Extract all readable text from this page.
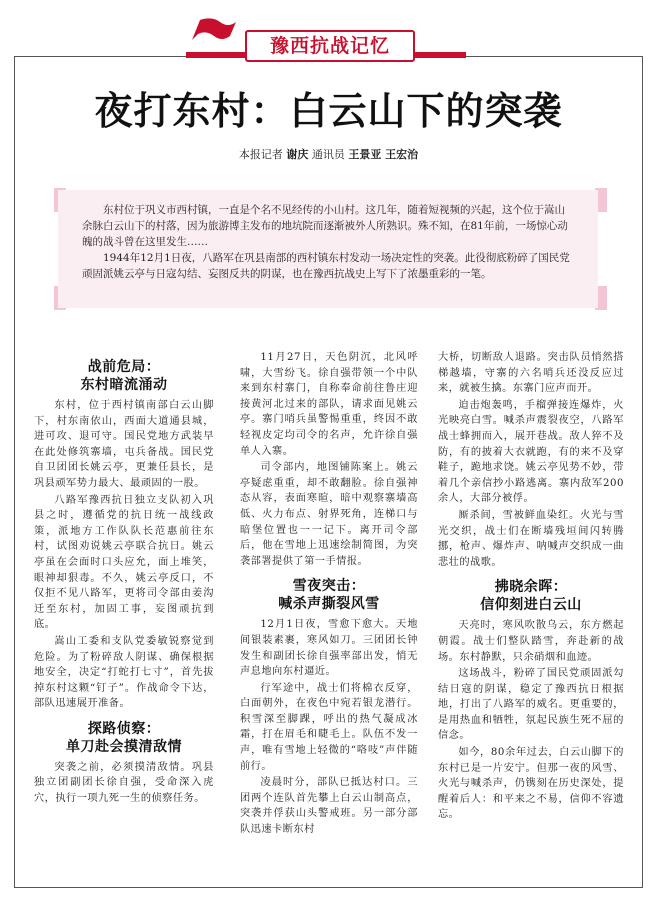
豫西抗战记忆
夜打东村：白云山下的突袭
本报记者 谢庆 通讯员 王景亚 王宏治

东村位于巩义市西村镇，一直是个名不见经传的小山村。这几年，随着短视频的兴起，这个位于嵩山余脉白云山下的村落，因为旅游博主发布的地坑院而逐渐被外人所熟识。殊不知，在81年前，一场惊心动魄的战斗曾在这里发生……

1944年12月1日夜，八路军在巩县南部的西村镇东村发动一场决定性的突袭。此役彻底粉碎了国民党顽固派姚云亭与日寇勾结、妄图反共的阴谋，也在豫西抗战史上写下了浓墨重彩的一笔。

战前危局：
东村暗流涌动

东村，位于西村镇南部白云山脚下，村东南依山，西面大道通县城，进可攻、退可守。国民党地方武装早在此处修筑寨墙，屯兵备战。国民党自卫团团长姚云亭，更兼任县长，是巩县顽军势力最大、最顽固的一股。

八路军豫西抗日独立支队初入巩县之时，遵循党的抗日统一战线政策，派地方工作队队长范惠前往东村，试图劝说姚云亭联合抗日。姚云亭虽在会面时口头应允，面上堆笑，眼神却狠毒。不久，姚云亭反口，不仅拒不见八路军，更将司令部由姜沟迁至东村，加固工事，妄图顽抗到底。

嵩山工委和支队党委敏锐察觉到危险。为了粉碎敌人阴谋、确保根据地安全，决定“打蛇打七寸”，首先拔掉东村这颗“钉子”。作战命令下达，部队迅速展开准备。

探路侦察：
单刀赴会摸清敌情

突袭之前，必须摸清敌情。巩县独立团副团长徐自强，受命深入虎穴，执行一项九死一生的侦察任务。

11月27日，天色阴沉，北风呼啸，大雪纷飞。徐自强带领一个中队来到东村寨门，自称奉命前往鲁庄迎接黄河北过来的部队，请求面见姚云亭。寨门哨兵虽警惕重重，终因不敢轻视皮定均司令的名声，允许徐自强单人入寨。

司令部内，地图铺陈案上。姚云亭疑虑重重，却不敢翻脸。徐自强神态从容，表面寒暄，暗中观察寨墙高低、火力布点、射界死角，连梯口与暗堡位置也一一记下。离开司令部后，他在雪地上迅速绘制简图，为突袭部署提供了第一手情报。

雪夜突击：
喊杀声撕裂风雪

12月1日夜，雪愈下愈大。天地间银装素裹，寒风如刀。三团团长钟发生和副团长徐自强率部出发，悄无声息地向东村逼近。

行军途中，战士们将棉衣反穿，白面朝外，在夜色中宛若银龙潜行。积雪深至脚踝，呼出的热气凝成冰霜，打在眉毛和睫毛上。队伍不发一声，唯有雪地上轻微的“咯吱”声伴随前行。

凌晨时分，部队已抵达村口。三团两个连队首先攀上白云山制高点，突袭并俘获山头警戒班。另一部分部队迅速卡断东村

大桥，切断敌人退路。突击队员悄然搭梯越墙，守寨的六名哨兵还没反应过来，就被生擒。东寨门应声而开。

迫击炮轰鸣，手榴弹接连爆炸，火光映亮白雪。喊杀声震裂夜空，八路军战士蜂拥而入，展开巷战。敌人猝不及防，有的披着大衣就跑，有的来不及穿鞋子，跪地求饶。姚云亭见势不妙，带着几个亲信抄小路逃离。寨内敌军200余人，大部分被俘。

厮杀间，雪被鲜血染红。火光与雪光交织，战士们在断墙残垣间闪转腾挪，枪声、爆炸声、呐喊声交织成一曲悲壮的战歌。

拂晓余晖：
信仰刻进白云山

天亮时，寒风吹散乌云，东方燃起朝霞。战士们整队踏雪，奔赴新的战场。东村静默，只余硝烟和血迹。

这场战斗，粉碎了国民党顽固派勾结日寇的阴谋，稳定了豫西抗日根据地，打出了八路军的威名。更重要的，是用热血和牺牲，氛起民族生死不屈的信念。

如今，80余年过去，白云山脚下的东村已是一片安宁。但那一夜的风雪、火光与喊杀声，仍镌刻在历史深处，提醒着后人：和平来之不易，信仰不容遗忘。
